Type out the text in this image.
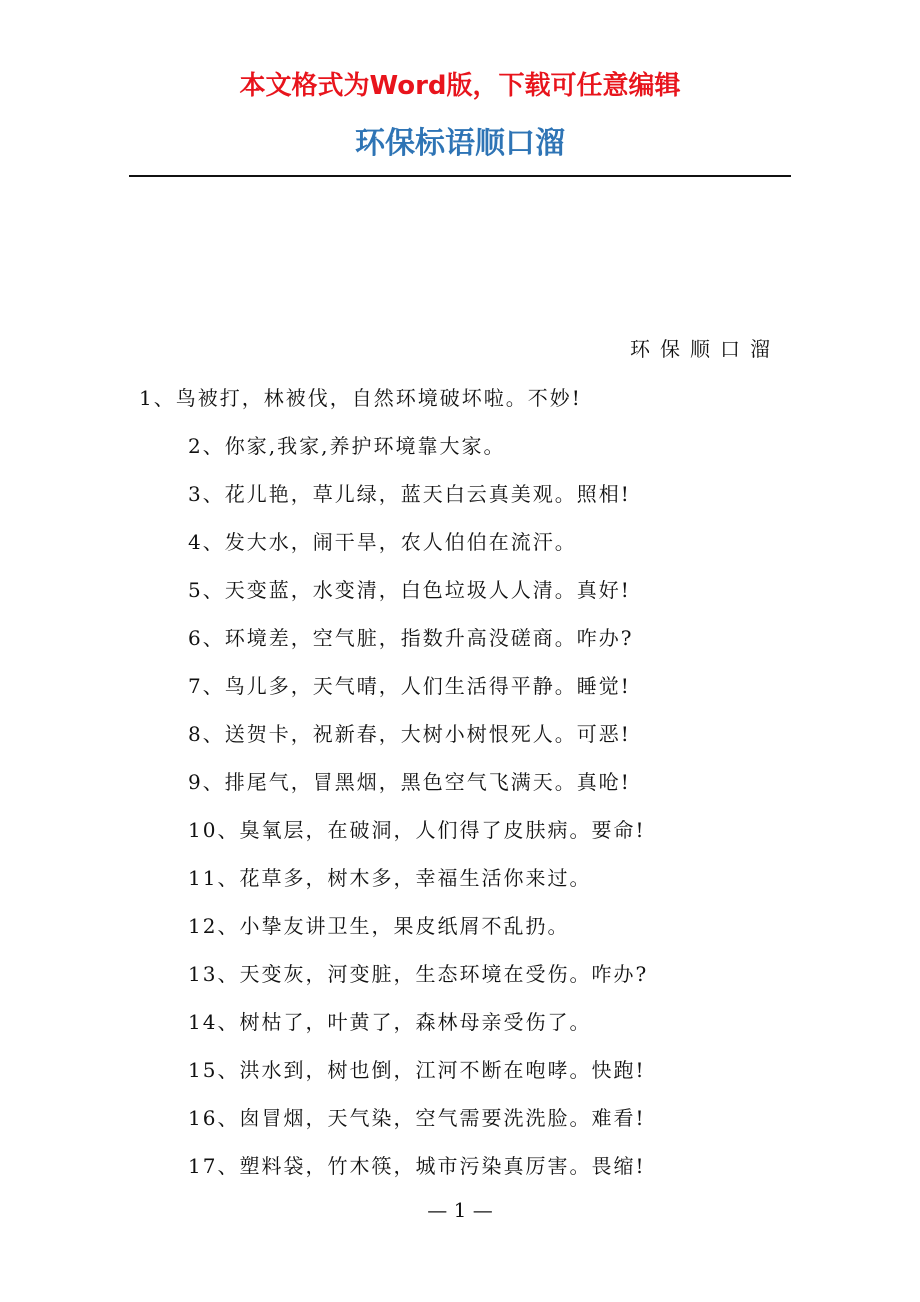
本文格式为Word版，下载可任意编辑
环保标语顺口溜
环保顺口溜
1、鸟被打，林被伐，自然环境破坏啦。不妙!
2、你家,我家,养护环境靠大家。
3、花儿艳，草儿绿，蓝天白云真美观。照相!
4、发大水，闹干旱，农人伯伯在流汗。
5、天变蓝，水变清，白色垃圾人人清。真好!
6、环境差，空气脏，指数升高没磋商。咋办?
7、鸟儿多，天气晴，人们生活得平静。睡觉!
8、送贺卡，祝新春，大树小树恨死人。可恶!
9、排尾气，冒黑烟，黑色空气飞满天。真呛!
10、臭氧层，在破洞，人们得了皮肤病。要命!
11、花草多，树木多，幸福生活你来过。
12、小挚友讲卫生，果皮纸屑不乱扔。
13、天变灰，河变脏，生态环境在受伤。咋办?
14、树枯了，叶黄了，森林母亲受伤了。
15、洪水到，树也倒，江河不断在咆哮。快跑!
16、囱冒烟，天气染，空气需要洗洗脸。难看!
17、塑料袋，竹木筷，城市污染真厉害。畏缩!
— 1 —
